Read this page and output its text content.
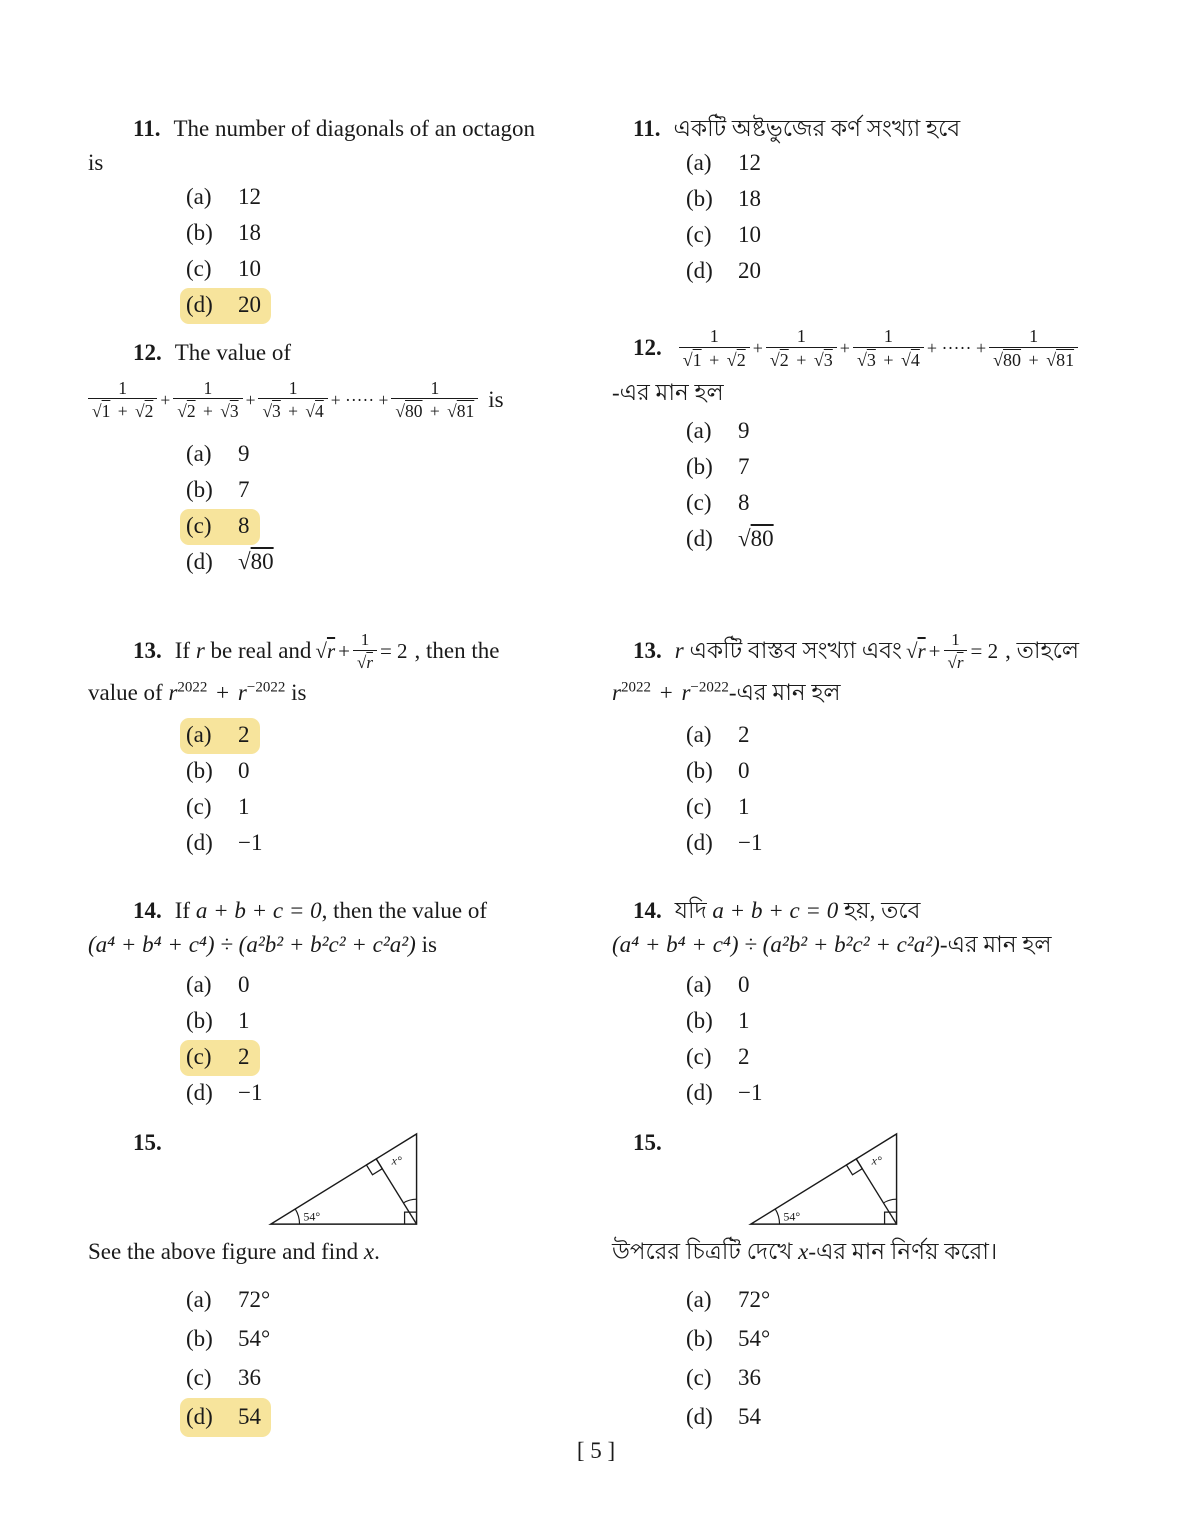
11. The number of diagonals of an octagon
is
(a) 12
(b) 18
(c) 10
(d) 20
11. একটি অষ্টভুজের কর্ণ সংখ্যা হবে
(a) 12
(b) 18
(c) 10
(d) 20
12. The value of
$\frac{1}{√1 + √2} + \frac{1}{√2 + √3} + \frac{1}{√3 + √4}$ + ····· + $\frac{1}{√80 + √81}$ is
(a) 9
(b) 7
(c) 8
(d) √80
12. $\frac{1}{√1 + √2} + \frac{1}{√2 + √3} + \frac{1}{√3 + √4}$ + ····· + $\frac{1}{√80 + √81}$
-এর মান হল
(a) 9
(b) 7
(c) 8
(d) √80
13. If
r
be real and √ $r + \frac{1}{√r} = 2$ , then the
value of $r^{2022} + r^{-2022}$ is
(a) 2
(b) 0
(c) 1
(d) −1
13. r
একটি বাস্তব সংখ্যা এবং √ $r + \frac{1}{√r} = 2$ , তাহলে
$r^{2022}$ + $r^{-2022}-এর$ মান হল
(a) 2
(b) 0
(c) 1
(d) −1
14. If a + b + c = 0, then the value of
(a⁴ + b⁴ + c⁴) ÷ (a²b² + b²c² + c²a²) is
(a) 0
(b) 1
(c) 2
(d) −1
14. যদি a + b + c = 0 হয়, তবে
(a⁴ + b⁴ + c⁴) ÷ (a²b² + b²c² + c²a²)-এর মান হল
(a) 0
(b) 1
(c) 2
(d) −1
15.
54°
x°
See the above figure and find x.
(a) 72°
(b) 54°
(c) 36
(d) 54
15.
54°
x°
উপরের চিত্রটি দেখে x-এর মান নির্ণয় করো।
(a) 72°
(b) 54°
(c) 36
(d) 54
[ 5 ]
